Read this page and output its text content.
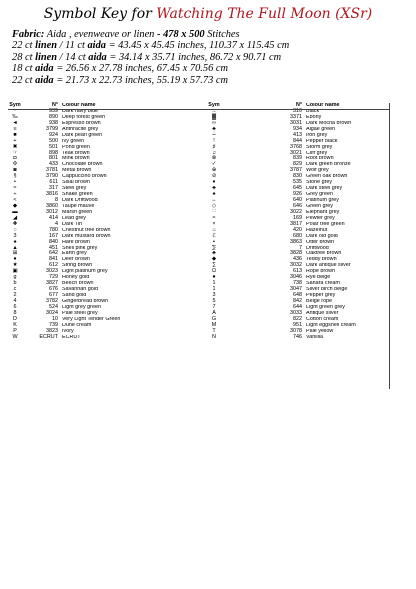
Symbol Key for Watching The Full Moon (XSr)
Fabric: Aida , evenweave or linen - 478 x 500 Stitches
22 ct linen / 11 ct aida = 43.45 x 45.45 inches, 110.37 x 115.45 cm
28 ct linen / 14 ct aida = 34.14 x 35.71 inches, 86.72 x 90.71 cm
18 ct aida = 26.56 x 27.78 inches, 67.45 x 70.56 cm
22 ct aida = 21.73 x 22.73 inches, 55.19 x 57.73 cm
Sym	N° Colour Name
·	939 Dark navy blue
‰	890 Deep forest green
◄	938 Espresso brown
≡	3799 Anthracite grey
■	924 Dark pearl green
+	500 Ivy green
✖	501 Pond green
☞	898 Teak brown
◘	801 Mink brown
✣	433 Chocolate brown
◙	3781 Metal brown
§	3790 Cappuccino brown
•	611 Sisal brown
≈	317 Steel grey
÷	3816 Snake green
<	8 Dark Driftwood
◆	3860 Taupe mauve
▬	3012 Marsh green
◢	414 Lead grey
✚	4 Dark Tin
○	780 Chestnut tree brown
3	167 Dark mustard brown
♠	840 Hare brown
▲	451 Shell pink grey
⊞	642 Earth grey
●	841 Deer brown
★	612 String brown
▣	3023 Light platinum grey
g	729 Honey gold
b	3827 Beech brown
c	676 Savannah gold
2	677 Sand gold
4	3782 Gingerbread brown
6	524 Light grey green
8	3024 Pale steel grey
D	10 Very Light Tender Green
K	739 Dune cream
P	3823 Ivory
W	ECRUT ECRUT
Sym	N° Colour Name
→	310 Black
▓	3371 Ebony
∞	3031 Dark Mocha brown
♣	934 Algae green
∻	413 Iron grey
!	844 Pepper black
♯	3768 Storm grey
♫	3021 Cliff grey
⊗	839 Root brown
✓	829 Dark green bronze
⊕	3787 Wolf grey
⊘	830 Green oak brown
♦	535 Stone grey
♣	645 Dark steel grey
♠	926 Grey green
↔	640 Platinum grey
◇	646 Green grey
∷	3022 Elephant grey
≈	169 Pewter grey
×	3817 Polar tree green
⌂	420 Hazelnut
ℰ	680 Dark old gold
▪	3863 Otter brown
⅀	7 Driftwood
♣	3828 Oaktree brown
◆	436 Teddy brown
∑	3032 Dark antique silver
Ω	613 Rope brown
●	3046 Rye beige
1	738 Sahara cream
1	3047 Silver birch beige
3	648 Pepper grey
5	842 Beige rope
7	644 Light green grey
A	3033 Antique silver
G	822 Cotton cream
M	951 Light eggshell cream
T	3078 Pale yellow
N	746 Vanillia
